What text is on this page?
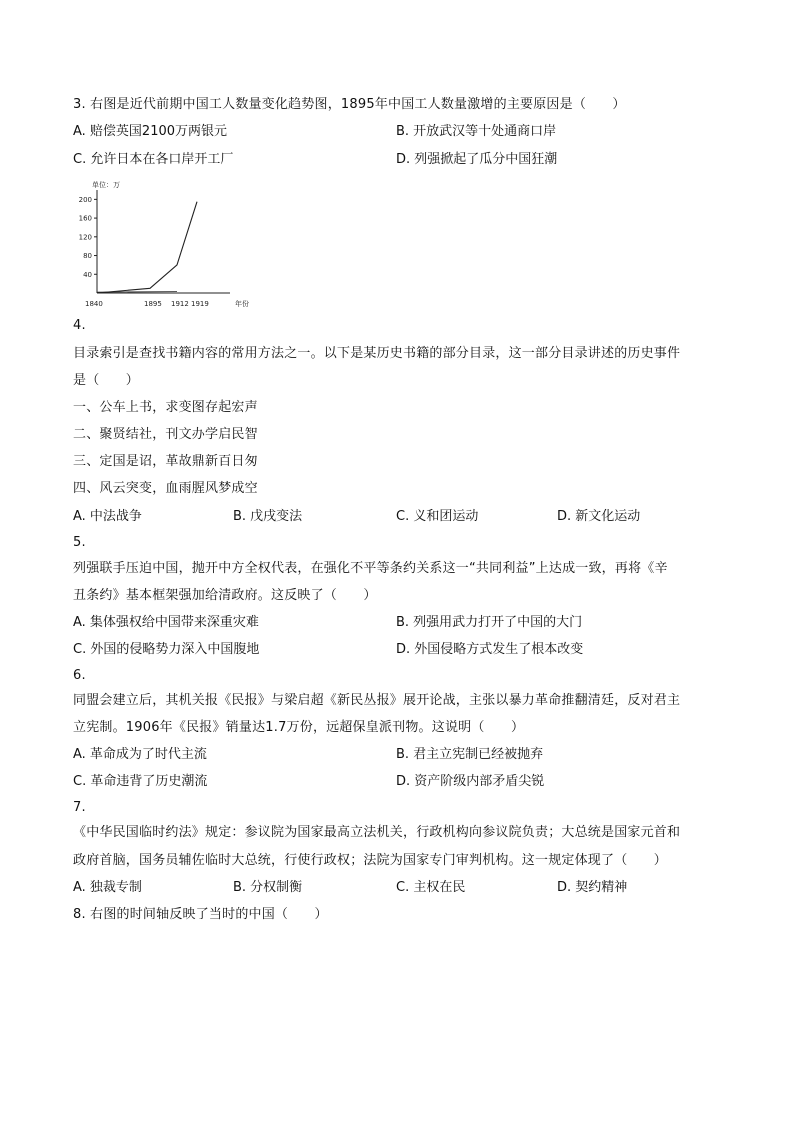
3. 右图是近代前期中国工人数量变化趋势图，1895年中国工人数量激增的主要原因是（　　）
A. 赔偿英国2100万两银元	B. 开放武汉等十处通商口岸
C. 允许日本在各口岸开工厂	D. 列强掀起了瓜分中国狂潮
单位：万
40
80
120
160
200
1840	1895 1912 1919	年份
4.
目录索引是查找书籍内容的常用方法之一。以下是某历史书籍的部分目录，这一部分目录讲述的历史事件
是（　　）
一、公车上书，求变图存起宏声
二、聚贤结社，刊文办学启民智
三、定国是诏，革故鼎新百日匆
四、风云突变，血雨腥风梦成空
A. 中法战争	B. 戊戌变法	C. 义和团运动	D. 新文化运动
5.
列强联手压迫中国，抛开中方全权代表，在强化不平等条约关系这一“共同利益”上达成一致，再将《辛
丑条约》基本框架强加给清政府。这反映了（　　）
A. 集体强权给中国带来深重灾难	B. 列强用武力打开了中国的大门
C. 外国的侵略势力深入中国腹地	D. 外国侵略方式发生了根本改变
6.
同盟会建立后，其机关报《民报》与梁启超《新民丛报》展开论战，主张以暴力革命推翻清廷，反对君主
立宪制。1906年《民报》销量达1.7万份，远超保皇派刊物。这说明（　　）
A. 革命成为了时代主流	B. 君主立宪制已经被抛弃
C. 革命违背了历史潮流	D. 资产阶级内部矛盾尖锐
7.
《中华民国临时约法》规定：参议院为国家最高立法机关，行政机构向参议院负责；大总统是国家元首和
政府首脑，国务员辅佐临时大总统，行使行政权；法院为国家专门审判机构。这一规定体现了（　　）
A. 独裁专制	B. 分权制衡	C. 主权在民	D. 契约精神
8. 右图的时间轴反映了当时的中国（　　）
